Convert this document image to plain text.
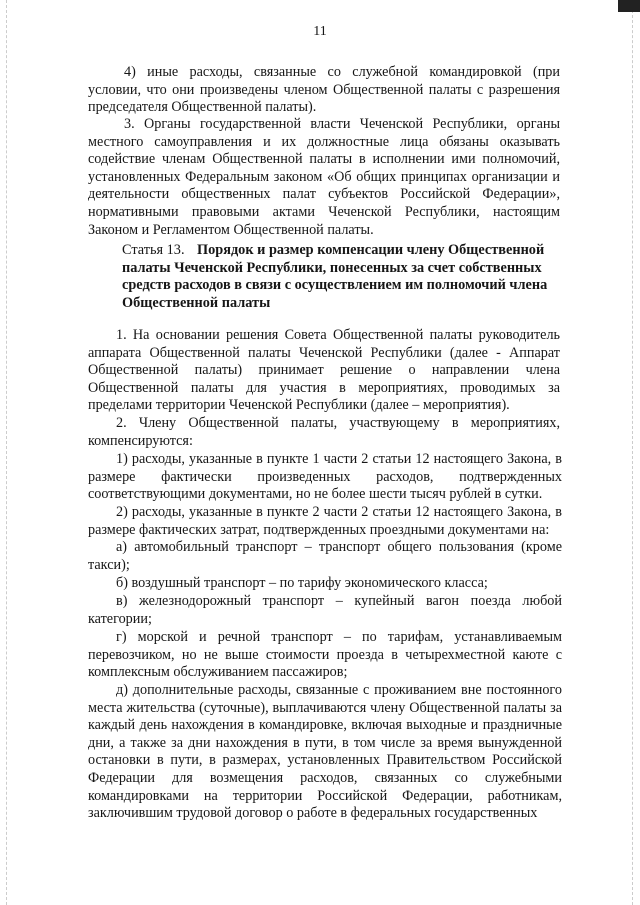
11

4) иные расходы, связанные со служебной командировкой (при условии, что они произведены членом Общественной палаты с разрешения председателя Общественной палаты).

3. Органы государственной власти Чеченской Республики, органы местного самоуправления и их должностные лица обязаны оказывать содействие членам Общественной палаты в исполнении ими полномочий, установленных Федеральным законом «Об общих принципах организации и деятельности общественных палат субъектов Российской Федерации», нормативными правовыми актами Чеченской Республики, настоящим Законом и Регламентом Общественной палаты.

Статья 13. Порядок и размер компенсации члену Общественной палаты Чеченской Республики, понесенных за счет собственных средств расходов в связи с осуществлением им полномочий члена Общественной палаты

1. На основании решения Совета Общественной палаты руководитель аппарата Общественной палаты Чеченской Республики (далее - Аппарат Общественной палаты) принимает решение о направлении члена Общественной палаты для участия в мероприятиях, проводимых за пределами территории Чеченской Республики (далее – мероприятия).

2. Члену Общественной палаты, участвующему в мероприятиях, компенсируются:

1) расходы, указанные в пункте 1 части 2 статьи 12 настоящего Закона, в размере фактически произведенных расходов, подтвержденных соответствующими документами, но не более шести тысяч рублей в сутки.

2) расходы, указанные в пункте 2 части 2 статьи 12 настоящего Закона, в размере фактических затрат, подтвержденных проездными документами на:

а) автомобильный транспорт – транспорт общего пользования (кроме такси);

б) воздушный транспорт – по тарифу экономического класса;

в) железнодорожный транспорт – купейный вагон поезда любой категории;

г) морской и речной транспорт – по тарифам, устанавливаемым перевозчиком, но не выше стоимости проезда в четырехместной каюте с комплексным обслуживанием пассажиров;

д) дополнительные расходы, связанные с проживанием вне постоянного места жительства (суточные), выплачиваются члену Общественной палаты за каждый день нахождения в командировке, включая выходные и праздничные дни, а также за дни нахождения в пути, в том числе за время вынужденной остановки в пути, в размерах, установленных Правительством Российской Федерации для возмещения расходов, связанных со служебными командировками на территории Российской Федерации, работникам, заключившим трудовой договор о работе в федеральных государственных
